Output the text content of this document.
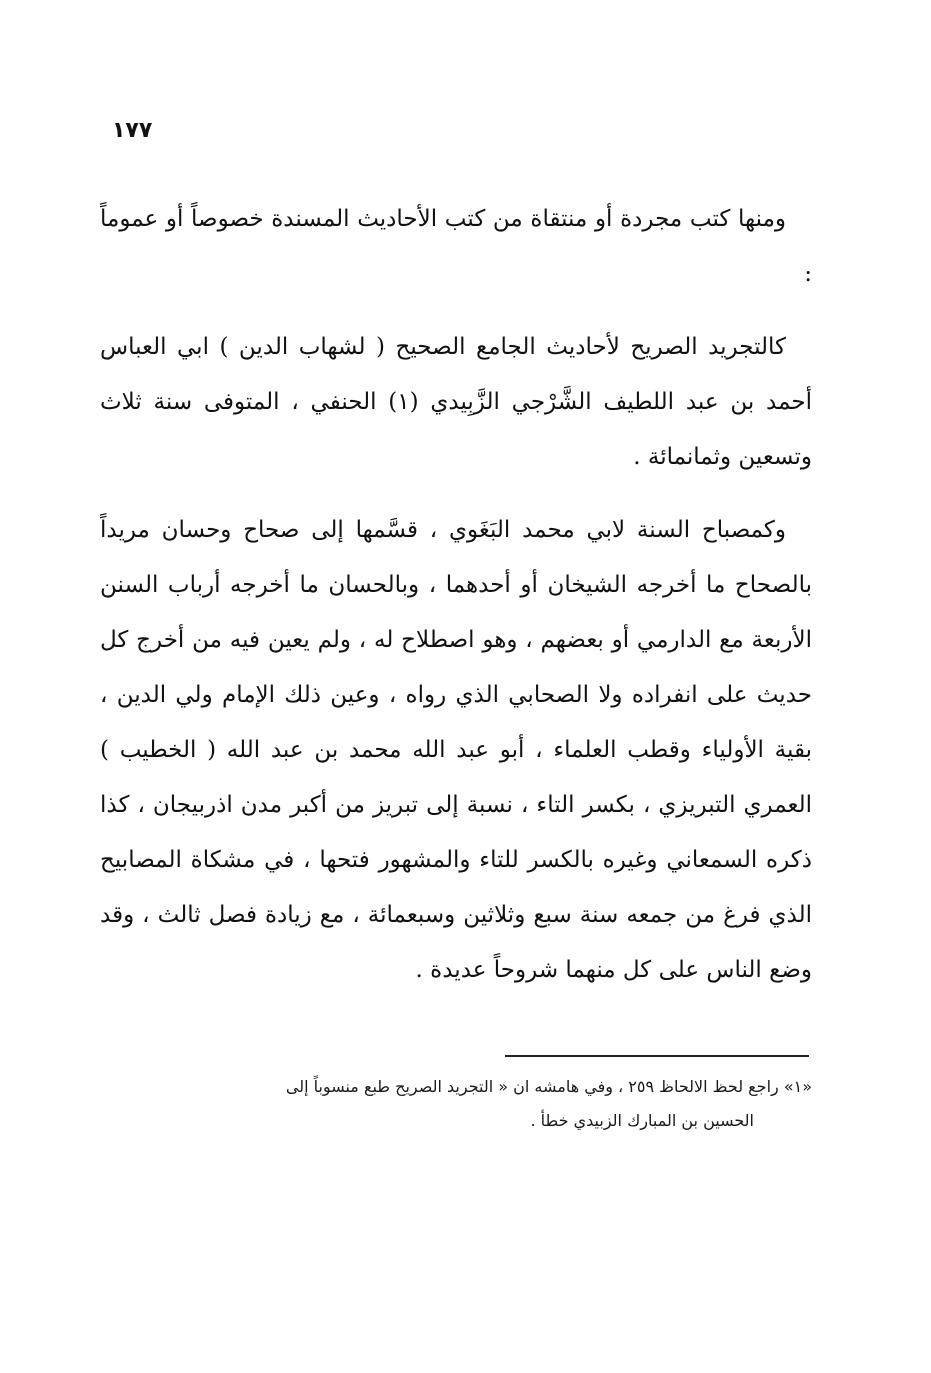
١٧٧

ومنها كتب مجردة أو منتقاة من كتب الأحاديث المسندة خصوصاً أو عموماً :

كالتجريد الصريح لأحاديث الجامع الصحيح ( لشهاب الدين ) ابي العباس أحمد بن عبد اللطيف الشَّرْجي الزَّبِيدي (١) الحنفي ، المتوفى سنة ثلاث وتسعين وثمانمائة .

وكمصباح السنة لابي محمد البَغَوي ، قسَّمها إلى صحاح وحسان مريداً بالصحاح ما أخرجه الشيخان أو أحدهما ، وبالحسان ما أخرجه أرباب السنن الأربعة مع الدارمي أو بعضهم ، وهو اصطلاح له ، ولم يعين فيه من أخرج كل حديث على انفراده ولا الصحابي الذي رواه ، وعين ذلك الإمام ولي الدين ، بقية الأولياء وقطب العلماء ، أبو عبد الله محمد بن عبد الله ( الخطيب ) العمري التبريزي ، بكسر التاء ، نسبة إلى تبريز من أكبر مدن اذربيجان ، كذا ذكره السمعاني وغيره بالكسر للتاء والمشهور فتحها ، في مشكاة المصابيح الذي فرغ من جمعه سنة سبع وثلاثين وسبعمائة ، مع زيادة فصل ثالث ، وقد وضع الناس على كل منهما شروحاً عديدة .

«١» راجع لحظ الالحاظ ٢٥٩ ، وفي هامشه ان « التجريد الصريح طبع منسوباً إلى
الحسين بن المبارك الزبيدي خطأ .
